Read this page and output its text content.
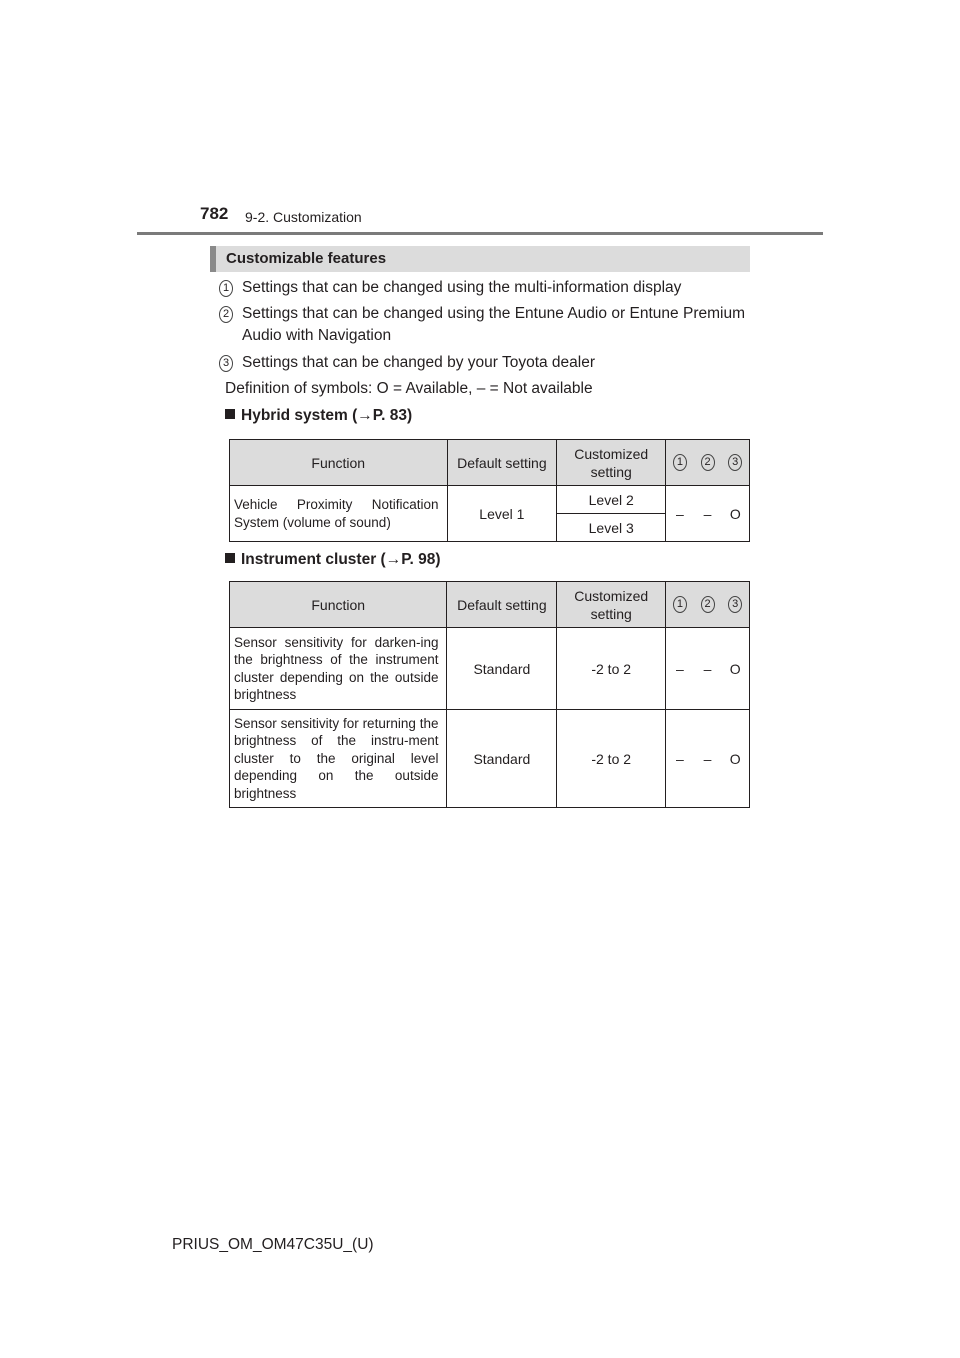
782 9-2. Customization
Customizable features
1 Settings that can be changed using the multi-information display
2 Settings that can be changed using the Entune Audio or Entune Premium Audio with Navigation
3 Settings that can be changed by your Toyota dealer
Definition of symbols: O = Available, – = Not available
Hybrid system (→P. 83)
Function	Default setting	Customized setting	1 2 3		

Vehicle Proximity Notification System (volume of sound)	Level 1	Level 2	–	–	O
		Level 3			
Instrument cluster (→P. 98)
Function	Default setting	Customized setting	1 2 3		

Sensor sensitivity for darken-ing the brightness of the instrument cluster depending on the outside brightness	Standard	-2 to 2	–	–	O
Sensor sensitivity for returning the brightness of the instru-ment cluster to the original level depending on the outside brightness	Standard	-2 to 2	–	–	O
PRIUS_OM_OM47C35U_(U)
